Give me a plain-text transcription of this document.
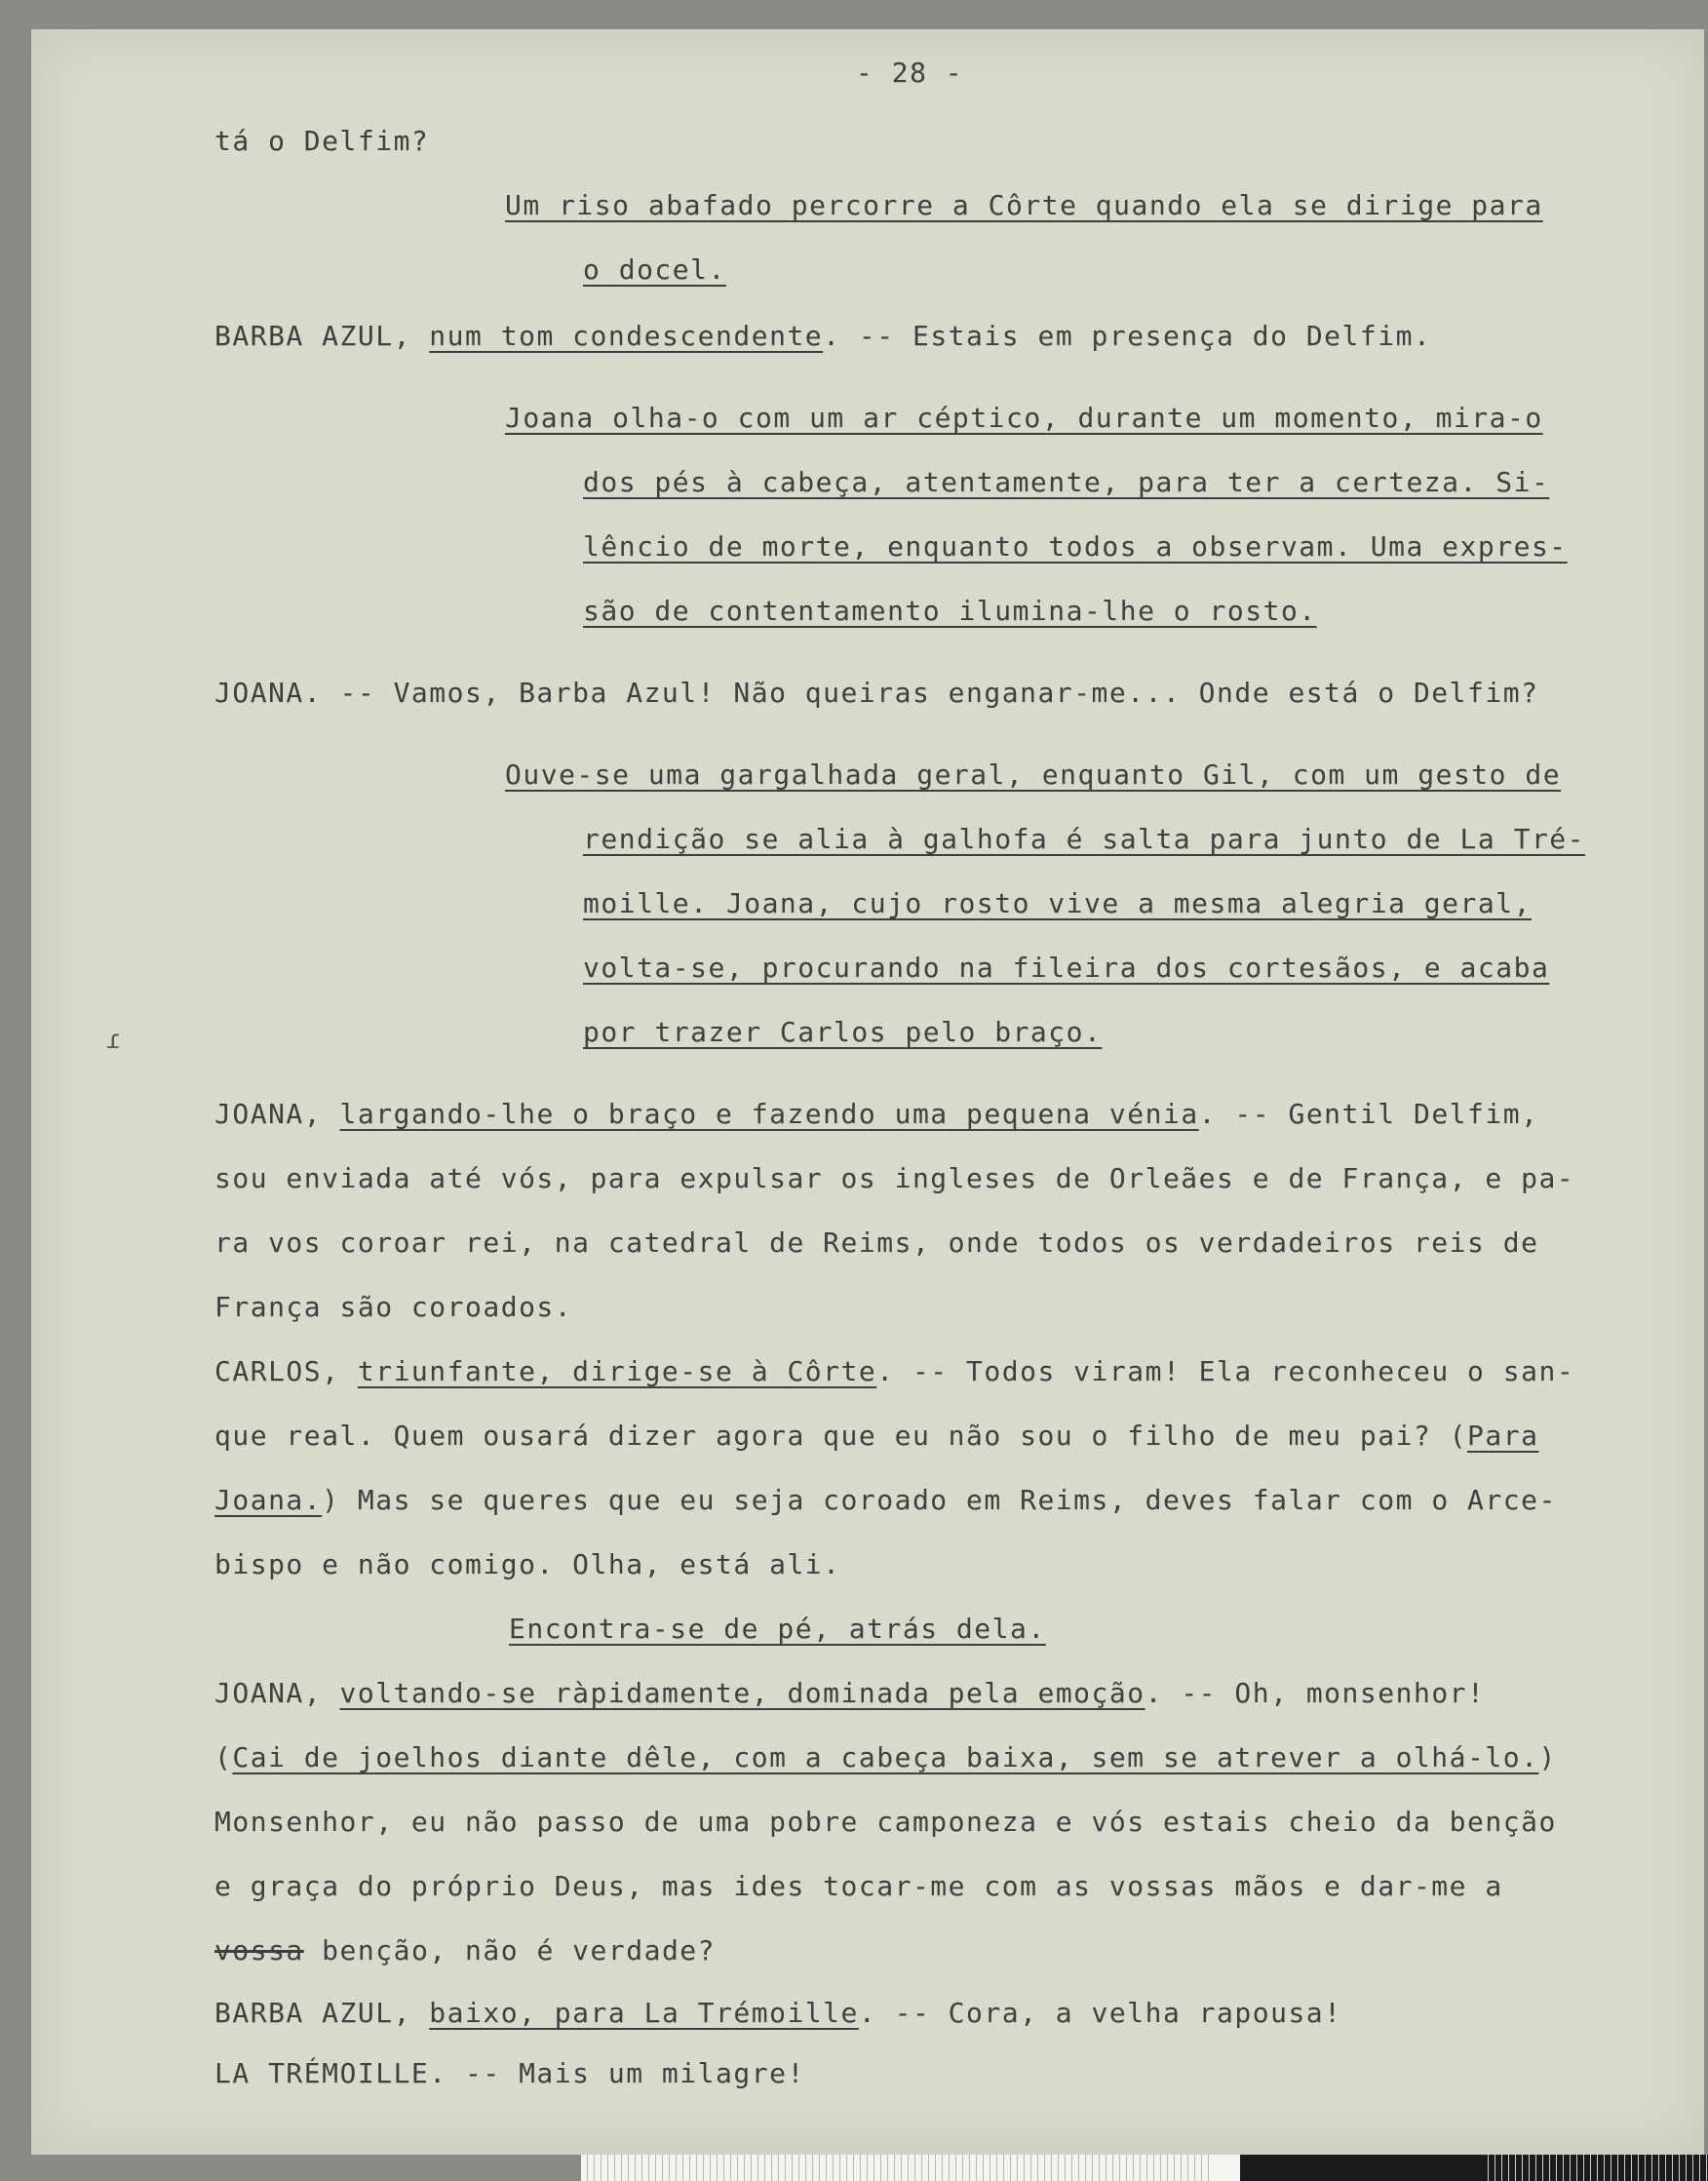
- 28 -
tá o Delfim?
Um riso abafado percorre a Côrte quando ela se dirige para
o docel.
BARBA AZUL, num tom condescendente. -- Estais em presença do Delfim.
Joana olha-o com um ar céptico, durante um momento, mira-o
dos pés à cabeça, atentamente, para ter a certeza. Si-
lêncio de morte, enquanto todos a observam. Uma expres-
são de contentamento ilumina-lhe o rosto.
JOANA. -- Vamos, Barba Azul! Não queiras enganar-me... Onde está o Delfim?
Ouve-se uma gargalhada geral, enquanto Gil, com um gesto de
rendição se alia à galhofa é salta para junto de La Tré-
moille. Joana, cujo rosto vive a mesma alegria geral,
volta-se, procurando na fileira dos cortesãos, e acaba
por trazer Carlos pelo braço.
JOANA, largando-lhe o braço e fazendo uma pequena vénia. -- Gentil Delfim,
sou enviada até vós, para expulsar os ingleses de Orleães e de França, e pa-
ra vos coroar rei, na catedral de Reims, onde todos os verdadeiros reis de
França são coroados.
CARLOS, triunfante, dirige-se à Côrte. -- Todos viram! Ela reconheceu o san-
que real. Quem ousará dizer agora que eu não sou o filho de meu pai? (Para
Joana.) Mas se queres que eu seja coroado em Reims, deves falar com o Arce-
bispo e não comigo. Olha, está ali.
Encontra-se de pé, atrás dela.
JOANA, voltando-se ràpidamente, dominada pela emoção. -- Oh, monsenhor!
(Cai de joelhos diante dêle, com a cabeça baixa, sem se atrever a olhá-lo.)
Monsenhor, eu não passo de uma pobre camponeza e vós estais cheio da benção
e graça do próprio Deus, mas ides tocar-me com as vossas mãos e dar-me a
vossa benção, não é verdade?
BARBA AZUL, baixo, para La Trémoille. -- Cora, a velha rapousa!
LA TRÉMOILLE. -- Mais um milagre!
ɾ
